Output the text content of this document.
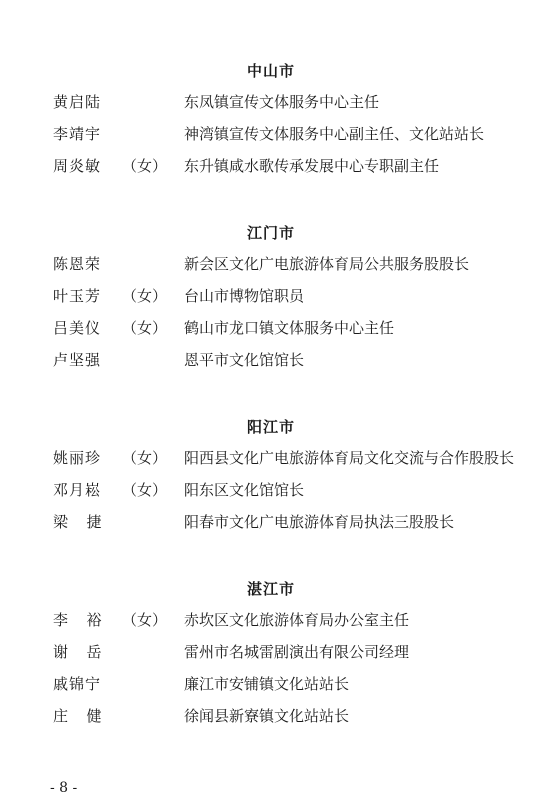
中山市
黄启陆	东凤镇宣传文体服务中心主任
李靖宇	神湾镇宣传文体服务中心副主任、文化站站长
周炎敏 （女） 东升镇咸水歌传承发展中心专职副主任
江门市
陈恩荣	新会区文化广电旅游体育局公共服务股股长
叶玉芳 （女） 台山市博物馆职员
吕美仪 （女） 鹤山市龙口镇文体服务中心主任
卢坚强	恩平市文化馆馆长
阳江市
姚丽珍 （女） 阳西县文化广电旅游体育局文化交流与合作股股长
邓月崧 （女） 阳东区文化馆馆长
梁  捷	阳春市文化广电旅游体育局执法三股股长
湛江市
李  裕 （女） 赤坎区文化旅游体育局办公室主任
谢  岳	雷州市名城雷剧演出有限公司经理
戚锦宁	廉江市安铺镇文化站站长
庄  健	徐闻县新寮镇文化站站长
- 8 -
